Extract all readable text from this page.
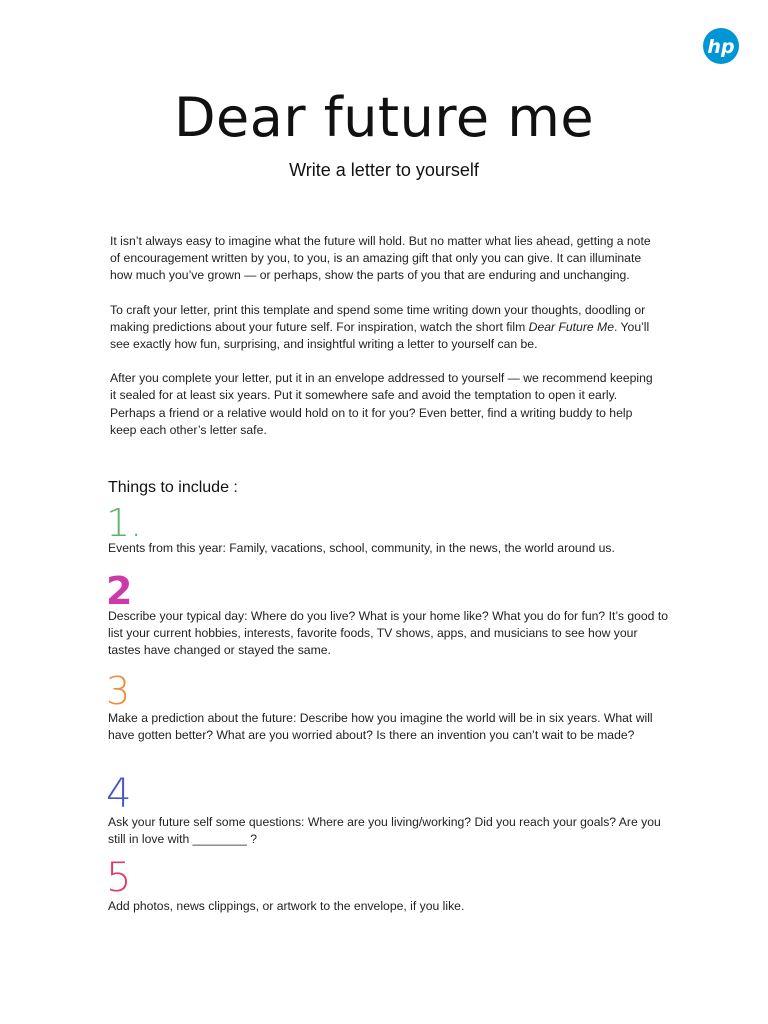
hp
Dear future me
Write a letter to yourself

It isn’t always easy to imagine what the future will hold. But no matter what lies ahead, getting a note of encouragement written by you, to you, is an amazing gift that only you can give. It can illuminate how much you’ve grown — or perhaps, show the parts of you that are enduring and unchanging.

To craft your letter, print this template and spend some time writing down your thoughts, doodling or making predictions about your future self. For inspiration, watch the short film Dear Future Me. You’ll see exactly how fun, surprising, and insightful writing a letter to yourself can be.

After you complete your letter, put it in an envelope addressed to yourself — we recommend keeping it sealed for at least six years. Put it somewhere safe and avoid the temptation to open it early. Perhaps a friend or a relative would hold on to it for you? Even better, find a writing buddy to help keep each other’s letter safe.

Things to include :
1.
Events from this year: Family, vacations, school, community, in the news, the world around us.
2
Describe your typical day: Where do you live? What is your home like? What you do for fun? It’s good to list your current hobbies, interests, favorite foods, TV shows, apps, and musicians to see how your tastes have changed or stayed the same.
3
Make a prediction about the future: Describe how you imagine the world will be in six years. What will have gotten better? What are you worried about? Is there an invention you can’t wait to be made?
4
Ask your future self some questions: Where are you living/working? Did you reach your goals? Are you still in love with ________ ?
5
Add photos, news clippings, or artwork to the envelope, if you like.
